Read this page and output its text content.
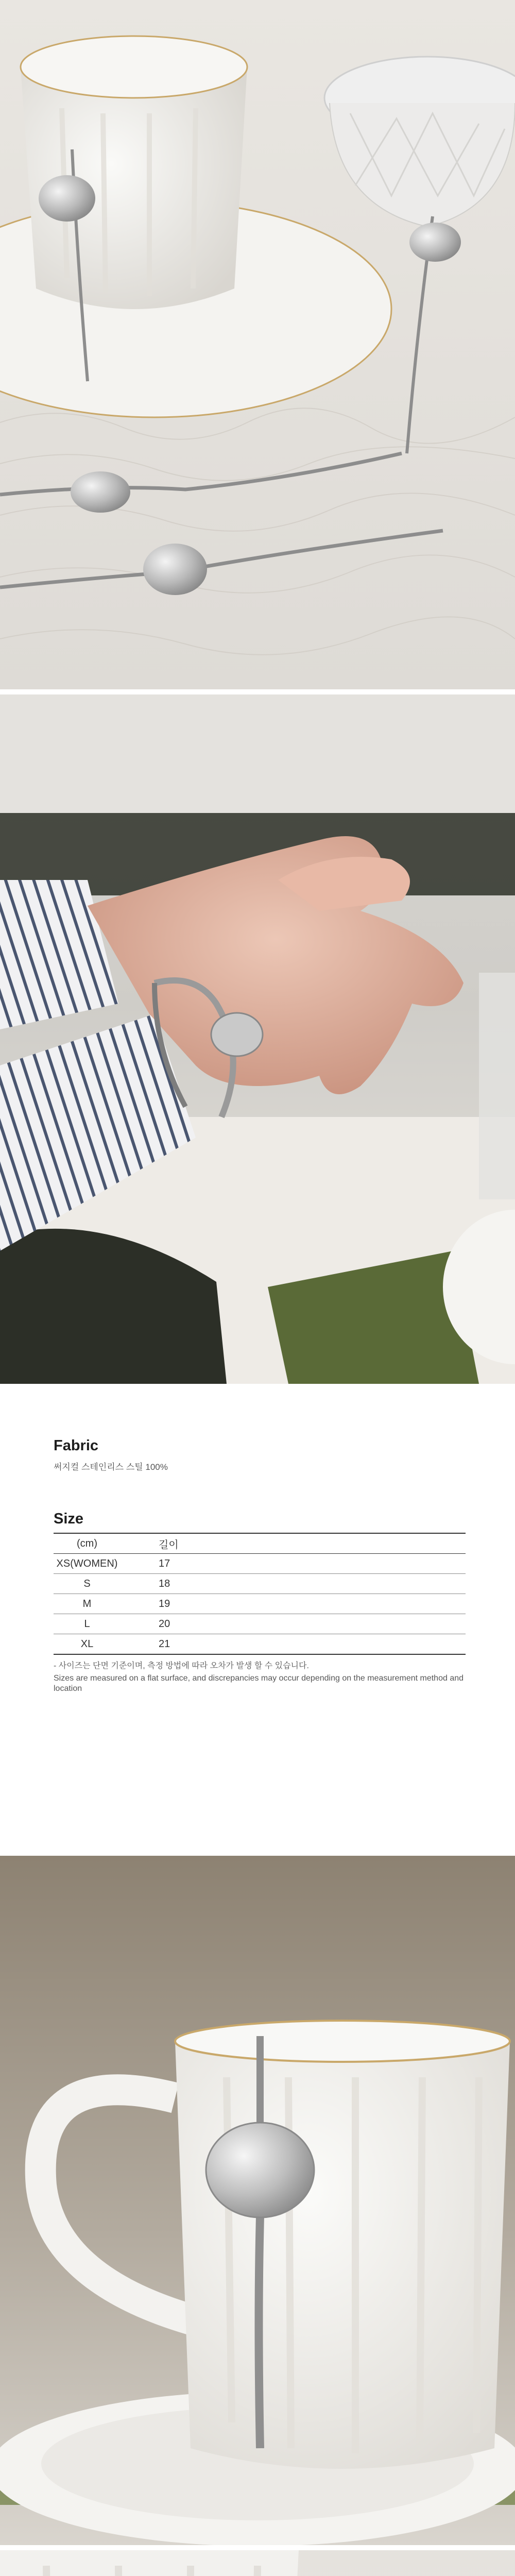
Fabric

써지컬 스테인리스 스틸 100%

Size
(cm)	길이
XS(WOMEN)	17
S	18
M	19
L	20
XL	21

- 사이즈는 단면 기준이며, 측정 방법에 따라 오차가 발생 할 수 있습니다.

Sizes are measured on a flat surface, and discrepancies may occur depending on the measurement method and location
